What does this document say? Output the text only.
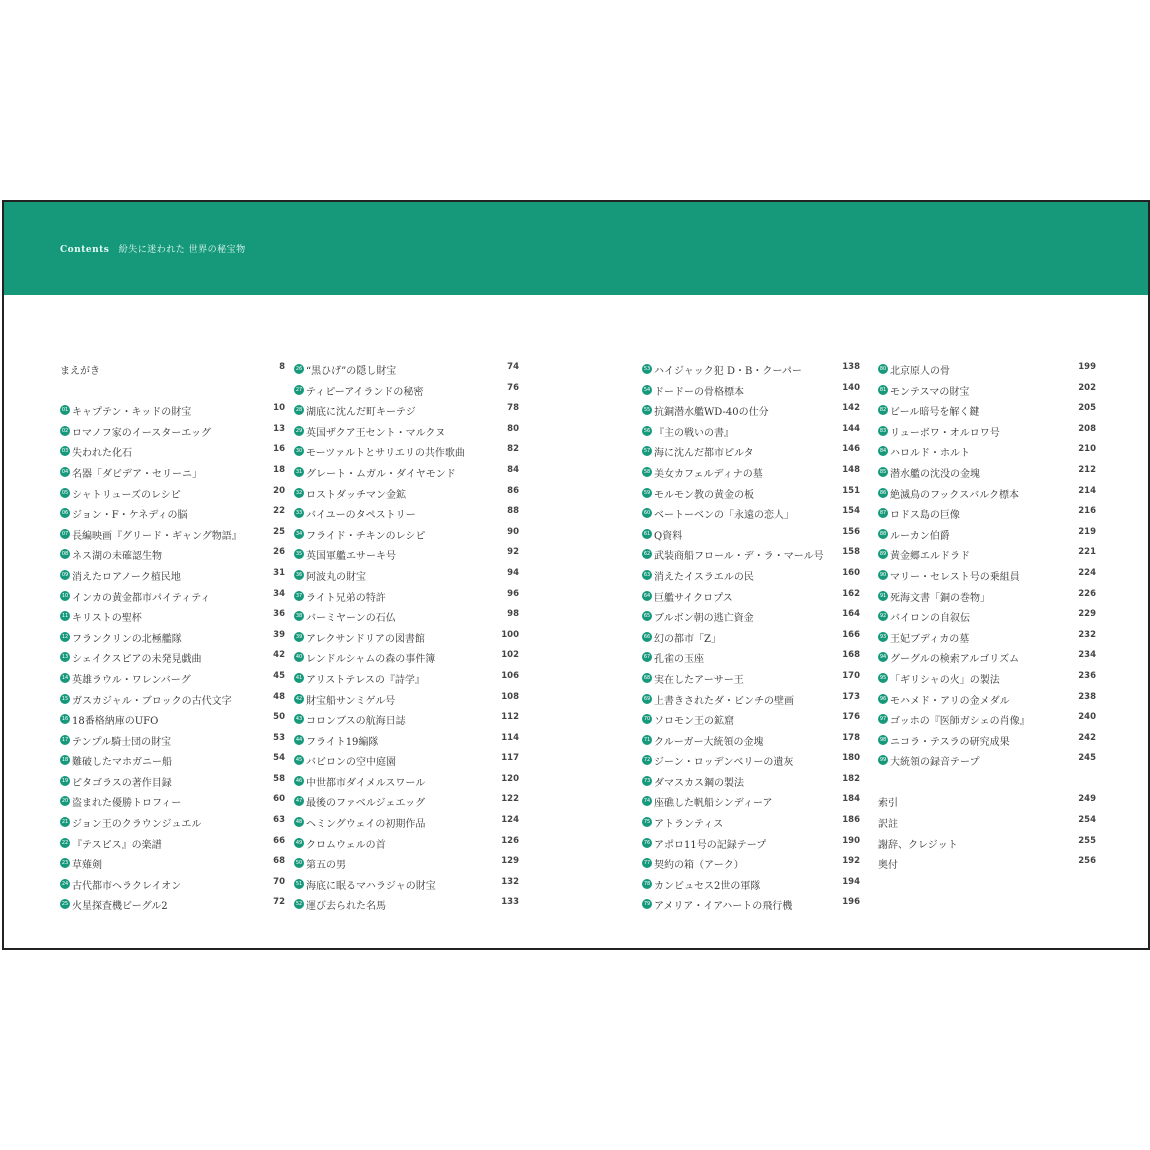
Contents 紛失に迷われた 世界の秘宝物
まえがき	8
01 キャプテン・キッドの財宝	10
02 ロマノフ家のイースターエッグ	13
03 失われた化石	16
04 名器「ダビデア・セリーニ」	18
05 シャトリューズのレシピ	20
06 ジョン・F・ケネディの脳	22
07 長編映画『グリード・ギャング物語』	25
08 ネス湖の未確認生物	26
09 消えたロアノーク植民地	31
10 インカの黄金都市パイティティ	34
11 キリストの聖杯	36
12 フランクリンの北極艦隊	39
13 シェイクスピアの未発見戯曲	42
14 英雄ラウル・ワレンバーグ	45
15 ガスカジャル・ブロックの古代文字	48
16 18番格納庫のUFO	50
17 テンプル騎士団の財宝	53
18 難破したマホガニー船	54
19 ピタゴラスの著作目録	58
20 盗まれた優勝トロフィー	60
21 ジョン王のクラウンジュエル	63
22 『テスピス』の楽譜	66
23 草薙剣	68
24 古代都市ヘラクレイオン	70
25 火星探査機ビーグル2	72
26 “黒ひげ”の隠し財宝	74
27 ティピーアイランドの秘密	76
28 湖底に沈んだ町キーテジ	78
29 英国ザクア王セント・マルクヌ	80
30 モーツァルトとサリエリの共作歌曲	82
31 グレート・ムガル・ダイヤモンド	84
32 ロストダッチマン金鉱	86
33 バイユーのタペストリー	88
34 フライド・チキンのレシピ	90
35 英国軍艦エサーキ号	92
36 阿波丸の財宝	94
37 ライト兄弟の特許	96
38 バーミヤーンの石仏	98
39 アレクサンドリアの図書館	100
40 レンドルシャムの森の事件簿	102
41 アリストテレスの『詩学』	106
42 財宝船サンミゲル号	108
43 コロンブスの航海日誌	112
44 フライト19編隊	114
45 バビロンの空中庭園	117
46 中世都市ダイメルスワール	120
47 最後のファベルジェエッグ	122
48 ヘミングウェイの初期作品	124
49 クロムウェルの首	126
50 第五の男	129
51 海底に眠るマハラジャの財宝	132
52 運び去られた名馬	133
53 ハイジャック犯 D・B・クーパー	138
54 ドードーの骨格標本	140
55 抗銅潜水艦WD-40の仕分	142
56 『主の戦いの書』	144
57 海に沈んだ都市ピルタ	146
58 美女カフェルディナの墓	148
59 モルモン教の黄金の板	151
60 ベートーベンの「永遠の恋人」	154
61 Q資料	156
62 武装商船フロール・デ・ラ・マール号 158
63 消えたイスラエルの民	160
64 巨艦サイクロプス	162
65 ブルボン朝の逃亡資金	164
66 幻の都市「Z」	166
67 孔雀の玉座	168
68 実在したアーサー王	170
69 上書きされたダ・ビンチの壁画	173
70 ソロモン王の鉱窟	176
71 クルーガー大統領の金塊	178
72 ジーン・ロッデンベリーの遺灰	180
73 ダマスカス鋼の製法	182
74 座礁した帆船シンディーア	184
75 アトランティス	186
76 アポロ11号の記録テープ	190
77 契約の箱（アーク）	192
78 カンビュセス2世の軍隊	194
79 アメリア・イアハートの飛行機	196
80 北京原人の骨	199
81 モンテスマの財宝	202
82 ビール暗号を解く鍵	205
83 リューボワ・オルロワ号	208
84 ハロルド・ホルト	210
85 潜水艦の沈没の金塊	212
86 絶滅鳥のフックスバルク標本	214
87 ロドス島の巨像	216
88 ルーカン伯爵	219
89 黄金郷エルドラド	221
90 マリー・セレスト号の乗組員	224
91 死海文書「銅の巻物」	226
92 バイロンの自叙伝	229
93 王妃ブディカの墓	232
94 グーグルの検索アルゴリズム	234
95 「ギリシャの火」の製法	236
96 モハメド・アリの金メダル	238
97 ゴッホの『医師ガシェの肖像』	240
98 ニコラ・テスラの研究成果	242
99 大統領の録音テープ	245
索引	249
訳註	254
謝辞、クレジット	255
奥付	256
